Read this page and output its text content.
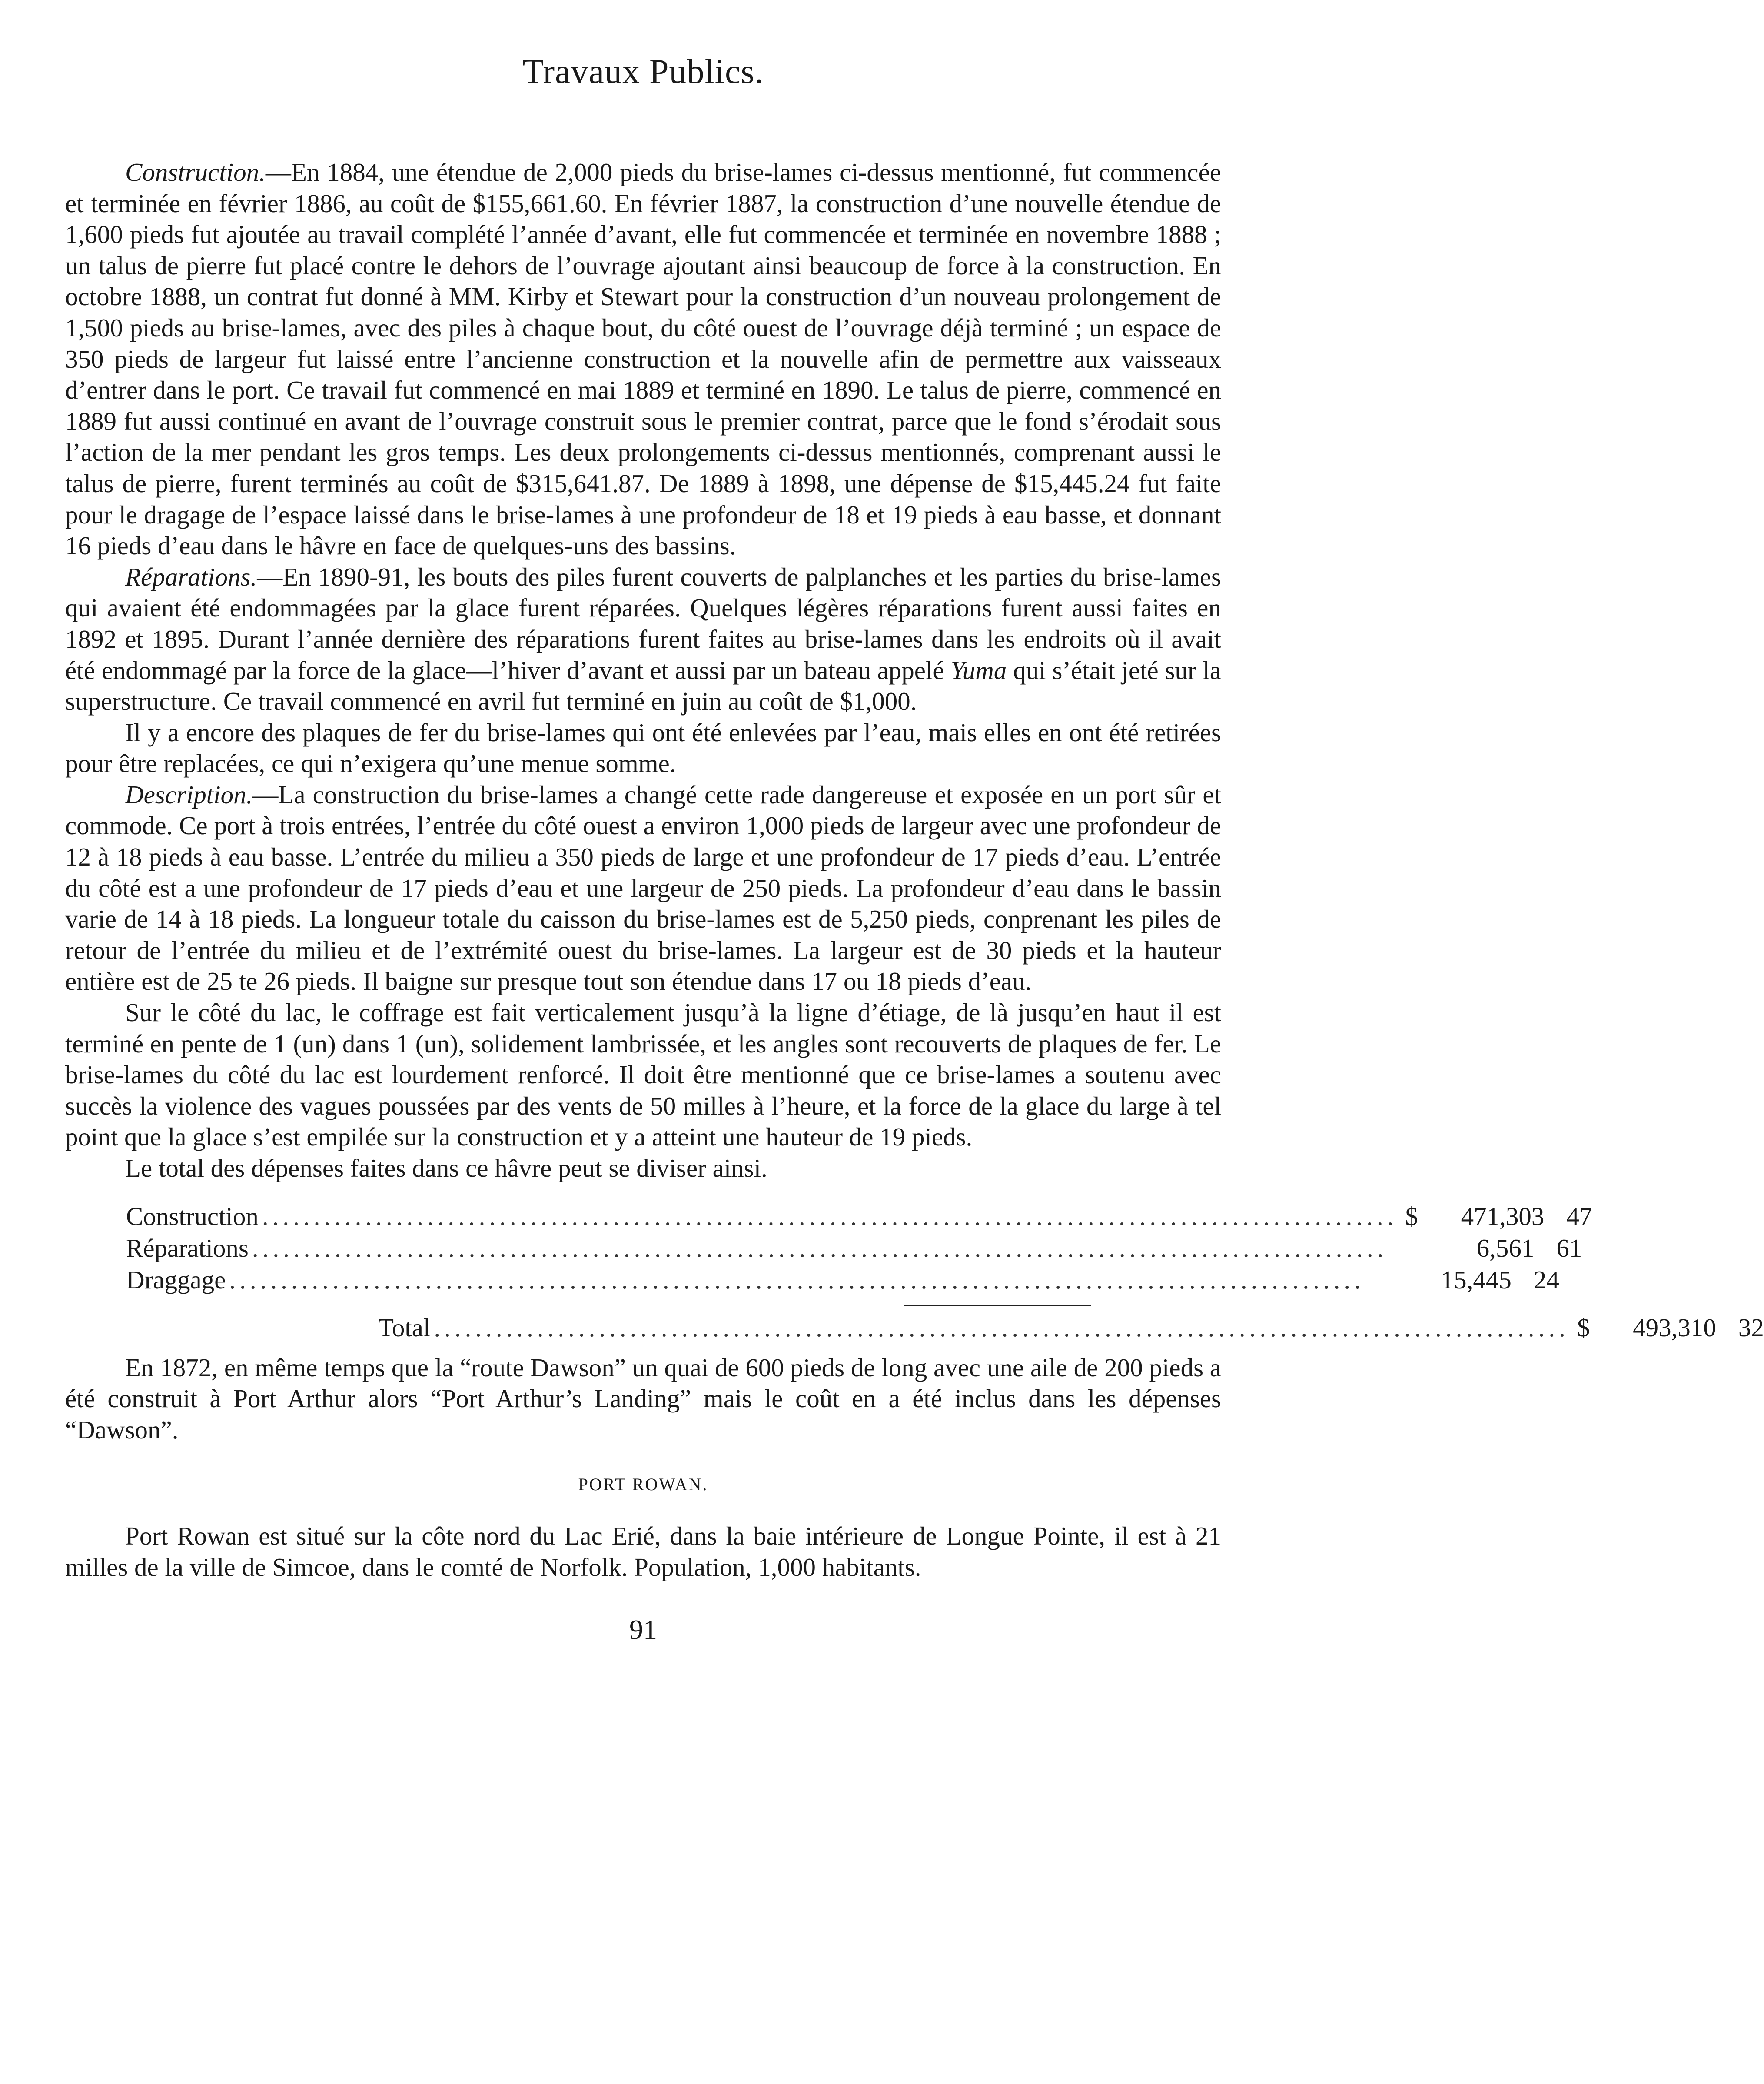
Travaux Publics.

Construction.—En 1884, une étendue de 2,000 pieds du brise-lames ci-dessus mentionné, fut commencée et terminée en février 1886, au coût de $155,661.60. En février 1887, la construction d’une nouvelle étendue de 1,600 pieds fut ajoutée au travail complété l’année d’avant, elle fut commencée et terminée en novembre 1888 ; un talus de pierre fut placé contre le dehors de l’ouvrage ajoutant ainsi beaucoup de force à la construction. En octobre 1888, un contrat fut donné à MM. Kirby et Stewart pour la construction d’un nouveau prolongement de 1,500 pieds au brise-lames, avec des piles à chaque bout, du côté ouest de l’ouvrage déjà terminé ; un espace de 350 pieds de largeur fut laissé entre l’ancienne construction et la nouvelle afin de permettre aux vaisseaux d’entrer dans le port. Ce travail fut commencé en mai 1889 et terminé en 1890. Le talus de pierre, commencé en 1889 fut aussi continué en avant de l’ouvrage construit sous le premier contrat, parce que le fond s’érodait sous l’action de la mer pendant les gros temps. Les deux prolongements ci-dessus mentionnés, comprenant aussi le talus de pierre, furent terminés au coût de $315,641.87. De 1889 à 1898, une dépense de $15,445.24 fut faite pour le dragage de l’espace laissé dans le brise-lames à une profondeur de 18 et 19 pieds à eau basse, et donnant 16 pieds d’eau dans le hâvre en face de quelques-uns des bassins.

Réparations.—En 1890-91, les bouts des piles furent couverts de palplanches et les parties du brise-lames qui avaient été endommagées par la glace furent réparées. Quelques légères réparations furent aussi faites en 1892 et 1895. Durant l’année dernière des réparations furent faites au brise-lames dans les endroits où il avait été endommagé par la force de la glace—l’hiver d’avant et aussi par un bateau appelé Yuma qui s’était jeté sur la superstructure. Ce travail commencé en avril fut terminé en juin au coût de $1,000.

Il y a encore des plaques de fer du brise-lames qui ont été enlevées par l’eau, mais elles en ont été retirées pour être replacées, ce qui n’exigera qu’une menue somme.

Description.—La construction du brise-lames a changé cette rade dangereuse et exposée en un port sûr et commode. Ce port à trois entrées, l’entrée du côté ouest a environ 1,000 pieds de largeur avec une profondeur de 12 à 18 pieds à eau basse. L’entrée du milieu a 350 pieds de large et une profondeur de 17 pieds d’eau. L’entrée du côté est a une profondeur de 17 pieds d’eau et une largeur de 250 pieds. La profondeur d’eau dans le bassin varie de 14 à 18 pieds. La longueur totale du caisson du brise-lames est de 5,250 pieds, conprenant les piles de retour de l’entrée du milieu et de l’extrémité ouest du brise-lames. La largeur est de 30 pieds et la hauteur entière est de 25 te 26 pieds. Il baigne sur presque tout son étendue dans 17 ou 18 pieds d’eau.

Sur le côté du lac, le coffrage est fait verticalement jusqu’à la ligne d’étiage, de là jusqu’en haut il est terminé en pente de 1 (un) dans 1 (un), solidement lambrissée, et les angles sont recouverts de plaques de fer. Le brise-lames du côté du lac est lourdement renforcé. Il doit être mentionné que ce brise-lames a soutenu avec succès la violence des vagues poussées par des vents de 50 milles à l’heure, et la force de la glace du large à tel point que la glace s’est empilée sur la construction et y a atteint une hauteur de 19 pieds.

Le total des dépenses faites dans ce hâvre peut se diviser ainsi.

Construction .............................................................................................................. $	471,303 47
Réparations ..............................................................................................................	6,561 61
Draggage ..............................................................................................................	15,445 24
Total .............................................................................................................. $	493,310 32

En 1872, en même temps que la “route Dawson” un quai de 600 pieds de long avec une aile de 200 pieds a été construit à Port Arthur alors “Port Arthur’s Landing” mais le coût en a été inclus dans les dépenses “Dawson”.

PORT ROWAN.

Port Rowan est situé sur la côte nord du Lac Erié, dans la baie intérieure de Longue Pointe, il est à 21 milles de la ville de Simcoe, dans le comté de Norfolk. Population, 1,000 habitants.

91
